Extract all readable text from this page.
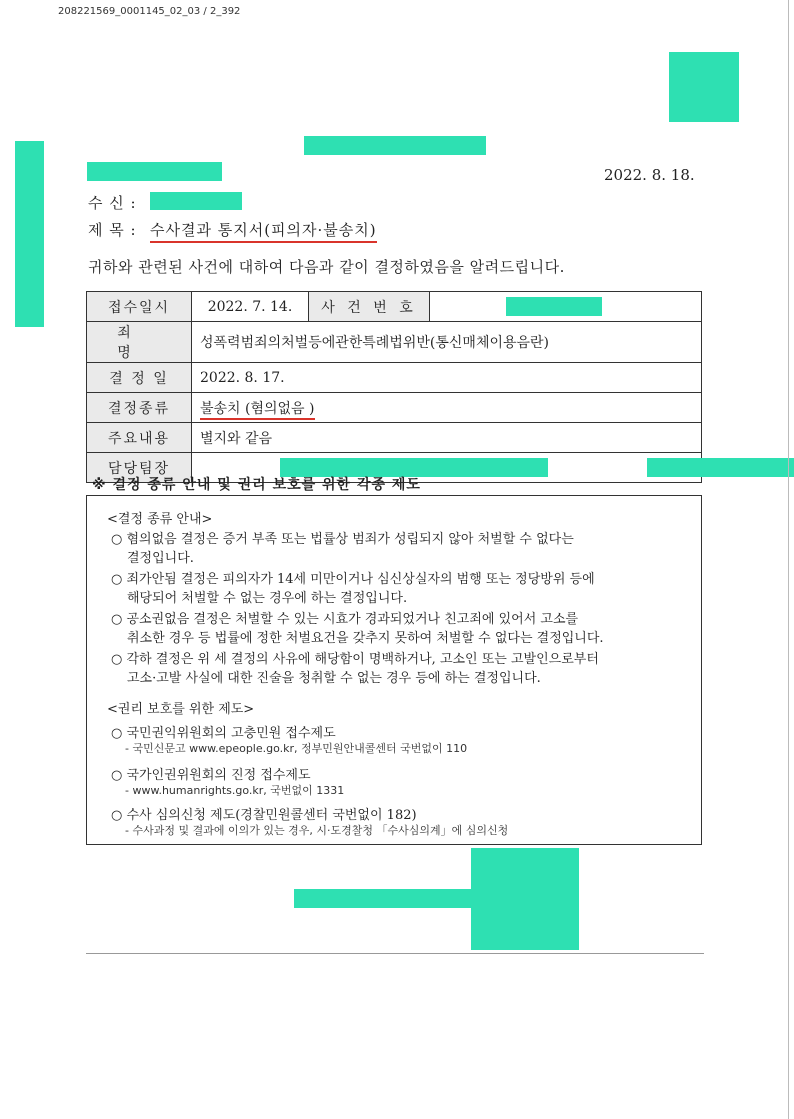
208221569_0001145_02_03 / 2_392
2022. 8. 18.
수 신 :
제 목 : 수사결과 통지서(피의자·불송치)
귀하와 관련된 사건에 대하여 다음과 같이 결정하였음을 알려드립니다.
접수일시	2022. 7. 14.	사 건 번 호	

죄 명	성폭력범죄의처벌등에관한특례법위반(통신매체이용음란)		
결 정 일	2022. 8. 17.		
결정종류	불송치 (혐의없음 )		
주요내용	별지와 같음		
담당팀장			
※ 결정 종류 안내 및 권리 보호를 위한 각종 제도
<결정 종류 안내>
○ 혐의없음 결정은 증거 부족 또는 법률상 범죄가 성립되지 않아 처벌할 수 없다는
결정입니다.
○ 죄가안됨 결정은 피의자가 14세 미만이거나 심신상실자의 범행 또는 정당방위 등에
해당되어 처벌할 수 없는 경우에 하는 결정입니다.
○ 공소권없음 결정은 처벌할 수 있는 시효가 경과되었거나 친고죄에 있어서 고소를
취소한 경우 등 법률에 정한 처벌요건을 갖추지 못하여 처벌할 수 없다는 결정입니다.
○ 각하 결정은 위 세 결정의 사유에 해당함이 명백하거나, 고소인 또는 고발인으로부터
고소·고발 사실에 대한 진술을 청취할 수 없는 경우 등에 하는 결정입니다.
<권리 보호를 위한 제도>
○ 국민권익위원회의 고충민원 접수제도
- 국민신문고 www.epeople.go.kr, 정부민원안내콜센터 국번없이 110
○ 국가인권위원회의 진정 접수제도
- www.humanrights.go.kr, 국번없이 1331
○ 수사 심의신청 제도(경찰민원콜센터 국번없이 182)
- 수사과정 및 결과에 이의가 있는 경우, 시·도경찰청 「수사심의계」에 심의신청
